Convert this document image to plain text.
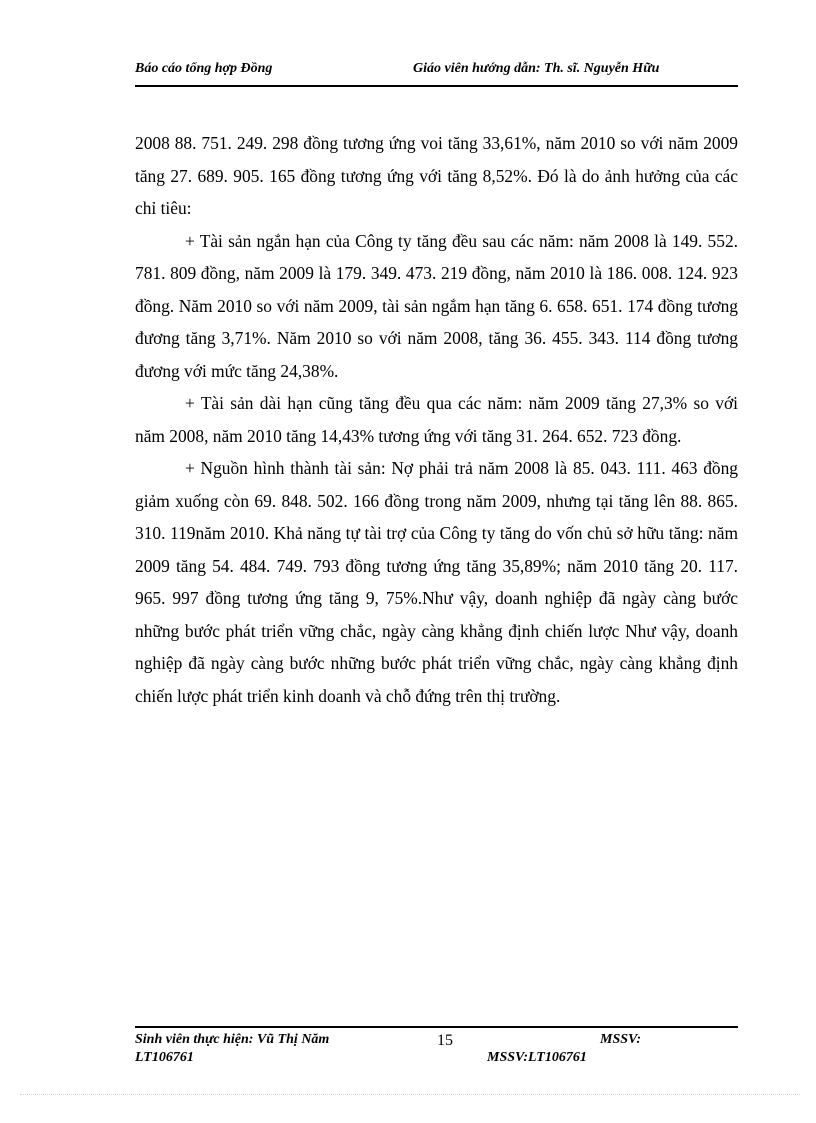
Báo cáo tổng hợp Đồng	Giáo viên hướng dẫn: Th. sĩ. Nguyễn Hữu

2008 88. 751. 249. 298 đồng tương ứng voi tăng 33,61%, năm 2010 so với năm 2009 tăng 27. 689. 905. 165 đồng tương ứng với tăng 8,52%. Đó là do ảnh hưởng của các chỉ tiêu:

+ Tài sản ngắn hạn của Công ty tăng đều sau các năm: năm 2008 là 149. 552. 781. 809 đồng, năm 2009 là 179. 349. 473. 219 đồng, năm 2010 là 186. 008. 124. 923 đồng. Năm 2010 so với năm 2009, tài sản ngắm hạn tăng 6. 658. 651. 174 đồng tương đương tăng 3,71%. Năm 2010 so với năm 2008, tăng 36. 455. 343. 114 đồng tương đương với mức tăng 24,38%.

+ Tài sản dài hạn cũng tăng đều qua các năm: năm 2009 tăng 27,3% so với năm 2008, năm 2010 tăng 14,43% tương ứng với tăng 31. 264. 652. 723 đồng.

+ Nguồn hình thành tài sản: Nợ phải trả năm 2008 là 85. 043. 111. 463 đồng giảm xuống còn 69. 848. 502. 166 đồng trong năm 2009, nhưng tại tăng lên 88. 865. 310. 119năm 2010. Khả năng tự tài trợ của Công ty tăng do vốn chủ sở hữu tăng: năm 2009 tăng 54. 484. 749. 793 đồng tương ứng tăng 35,89%; năm 2010 tăng 20. 117. 965. 997 đồng tương ứng tăng 9, 75%.Như vậy, doanh nghiệp đã ngày càng bước những bước phát triển vững chắc, ngày càng khẳng định chiến lược Như vậy, doanh nghiệp đã ngày càng bước những bước phát triển vững chắc, ngày càng khẳng định chiến lược phát triển kinh doanh và chỗ đứng trên thị trường.

Sinh viên thực hiện: Vũ Thị Năm LT106761
15	MSSV:
MSSV:LT106761
